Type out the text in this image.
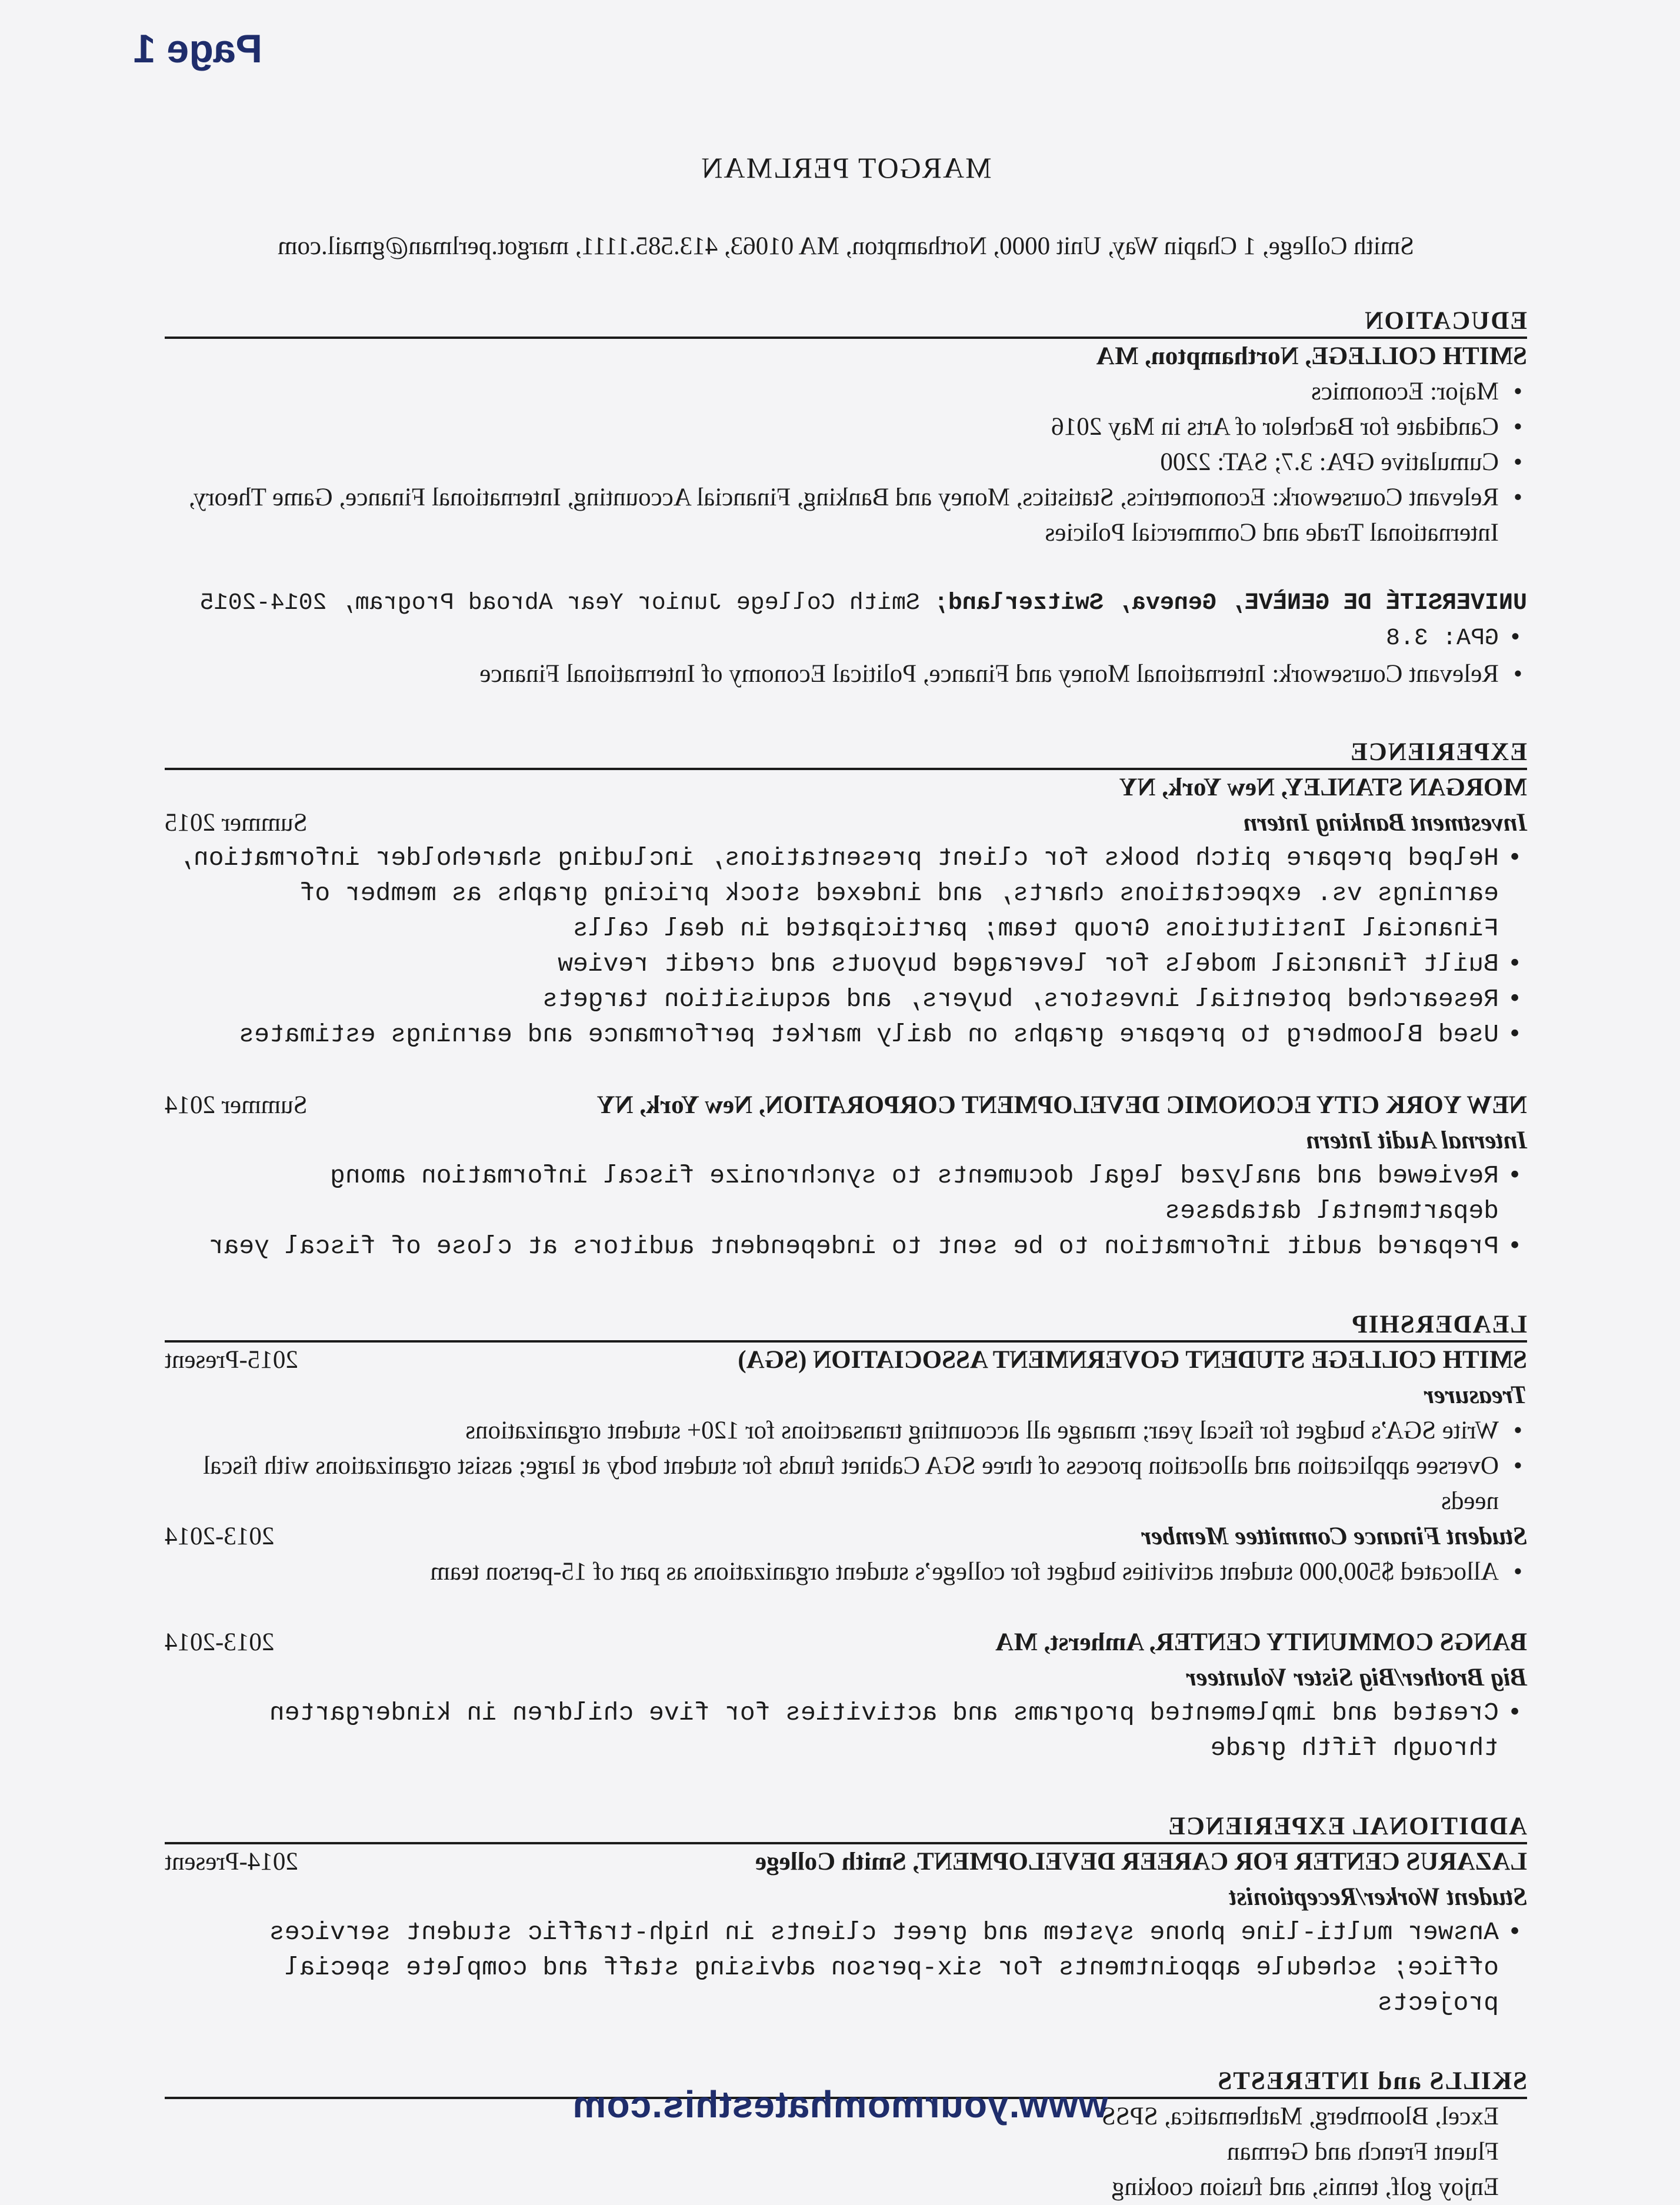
Page 1
MARGOT PERLMAN
Smith College, 1 Chapin Way, Unit 0000, Northampton, MA 01063, 413.585.1111, margot.perlman@gmail.com
EDUCATION
SMITH COLLEGE, Northampton, MA
• Major: Economics
• Candidate for Bachelor of Arts in May 2016
• Cumulative GPA: 3.7; SAT: 2200
• Relevant Coursework: Econometrics, Statistics, Money and Banking, Financial Accounting, International Finance, Game Theory, International Trade and Commercial Policies
UNIVERSITÉ DE GENÈVE, Geneva, Switzerland; Smith College Junior Year Abroad Program, 2014-2015
• GPA: 3.8
• Relevant Coursework: International Money and Finance, Political Economy of International Finance
EXPERIENCE
MORGAN STANLEY, New York, NY
Investment Banking Intern
Summer 2015
• Helped prepare pitch books for client presentations, including shareholder information, earnings vs. expectations charts, and indexed stock pricing graphs as member of Financial Institutions Group team; participated in deal calls
• Built financial models for leveraged buyouts and credit review
• Researched potential investors, buyers, and acquisition targets
• Used Bloomberg to prepare graphs on daily market performance and earnings estimates
NEW YORK CITY ECONOMIC DEVELOPMENT CORPORATION, New York, NY
Summer 2014
Internal Audit Intern
• Reviewed and analyzed legal documents to synchronize fiscal information among departmental databases
• Prepared audit information to be sent to independent auditors at close of fiscal year
LEADERSHIP
SMITH COLLEGE STUDENT GOVERNMENT ASSOCIATION (SGA)
2015-Present
Treasurer
• Write SGA’s budget for fiscal year; manage all accounting transactions for 120+ student organizations
• Oversee application and allocation process of three SGA Cabinet funds for student body at large; assist organizations with fiscal needs
Student Finance Committee Member
2013-2014
• Allocated $500,000 student activities budget for college’s student organizations as part of 15-person team
BANGS COMMUNITY CENTER, Amherst, MA
2013-2014
Big Brother/Big Sister Volunteer
• Created and implemented programs and activities for five children in kindergarten through fifth grade
ADDITIONAL EXPERIENCE
LAZARUS CENTER FOR CAREER DEVELOPMENT, Smith College
2014-Present
Student Worker/Receptionist
• Answer multi-line phone system and greet clients in high-traffic student services office; schedule appointments for six-person advising staff and complete special projects
SKILLS and INTERESTS
Excel, Bloomberg, Mathematica, SPSS
Fluent French and German
Enjoy golf, tennis, and fusion cooking
www.yourmomhatesthis.com
